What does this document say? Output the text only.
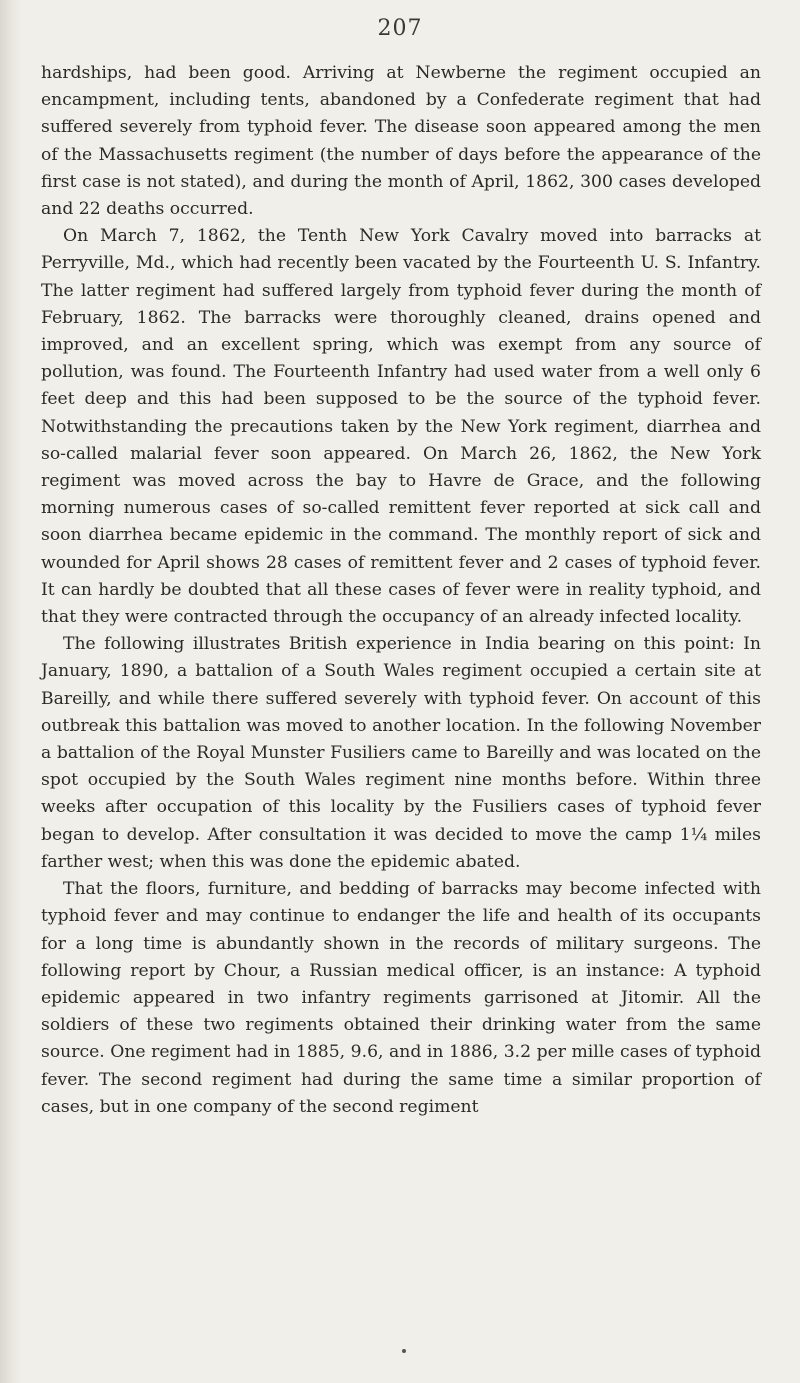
207

hardships, had been good. Arriving at Newberne the regiment occupied an encampment, including tents, abandoned by a Confederate regiment that had suffered severely from typhoid fever. The disease soon appeared among the men of the Massachusetts regiment (the number of days before the appearance of the first case is not stated), and during the month of April, 1862, 300 cases developed and 22 deaths occurred.

On March 7, 1862, the Tenth New York Cavalry moved into barracks at Perryville, Md., which had recently been vacated by the Fourteenth U. S. Infantry. The latter regiment had suffered largely from typhoid fever during the month of February, 1862. The barracks were thoroughly cleaned, drains opened and improved, and an excellent spring, which was exempt from any source of pollution, was found. The Fourteenth Infantry had used water from a well only 6 feet deep and this had been supposed to be the source of the typhoid fever. Notwithstanding the precautions taken by the New York regiment, diarrhea and so-called malarial fever soon appeared. On March 26, 1862, the New York regiment was moved across the bay to Havre de Grace, and the following morning numerous cases of so-called remittent fever reported at sick call and soon diarrhea became epidemic in the command. The monthly report of sick and wounded for April shows 28 cases of remittent fever and 2 cases of typhoid fever. It can hardly be doubted that all these cases of fever were in reality typhoid, and that they were contracted through the occupancy of an already infected locality.

The following illustrates British experience in India bearing on this point: In January, 1890, a battalion of a South Wales regiment occupied a certain site at Bareilly, and while there suffered severely with typhoid fever. On account of this outbreak this battalion was moved to another location. In the following November a battalion of the Royal Munster Fusiliers came to Bareilly and was located on the spot occupied by the South Wales regiment nine months before. Within three weeks after occupation of this locality by the Fusiliers cases of typhoid fever began to develop. After consultation it was decided to move the camp 1¼ miles farther west; when this was done the epidemic abated.

That the floors, furniture, and bedding of barracks may become infected with typhoid fever and may continue to endanger the life and health of its occupants for a long time is abundantly shown in the records of military surgeons. The following report by Chour, a Russian medical officer, is an instance: A typhoid epidemic appeared in two infantry regiments garrisoned at Jitomir. All the soldiers of these two regiments obtained their drinking water from the same source. One regiment had in 1885, 9.6, and in 1886, 3.2 per mille cases of typhoid fever. The second regiment had during the same time a similar proportion of cases, but in one company of the second regiment
